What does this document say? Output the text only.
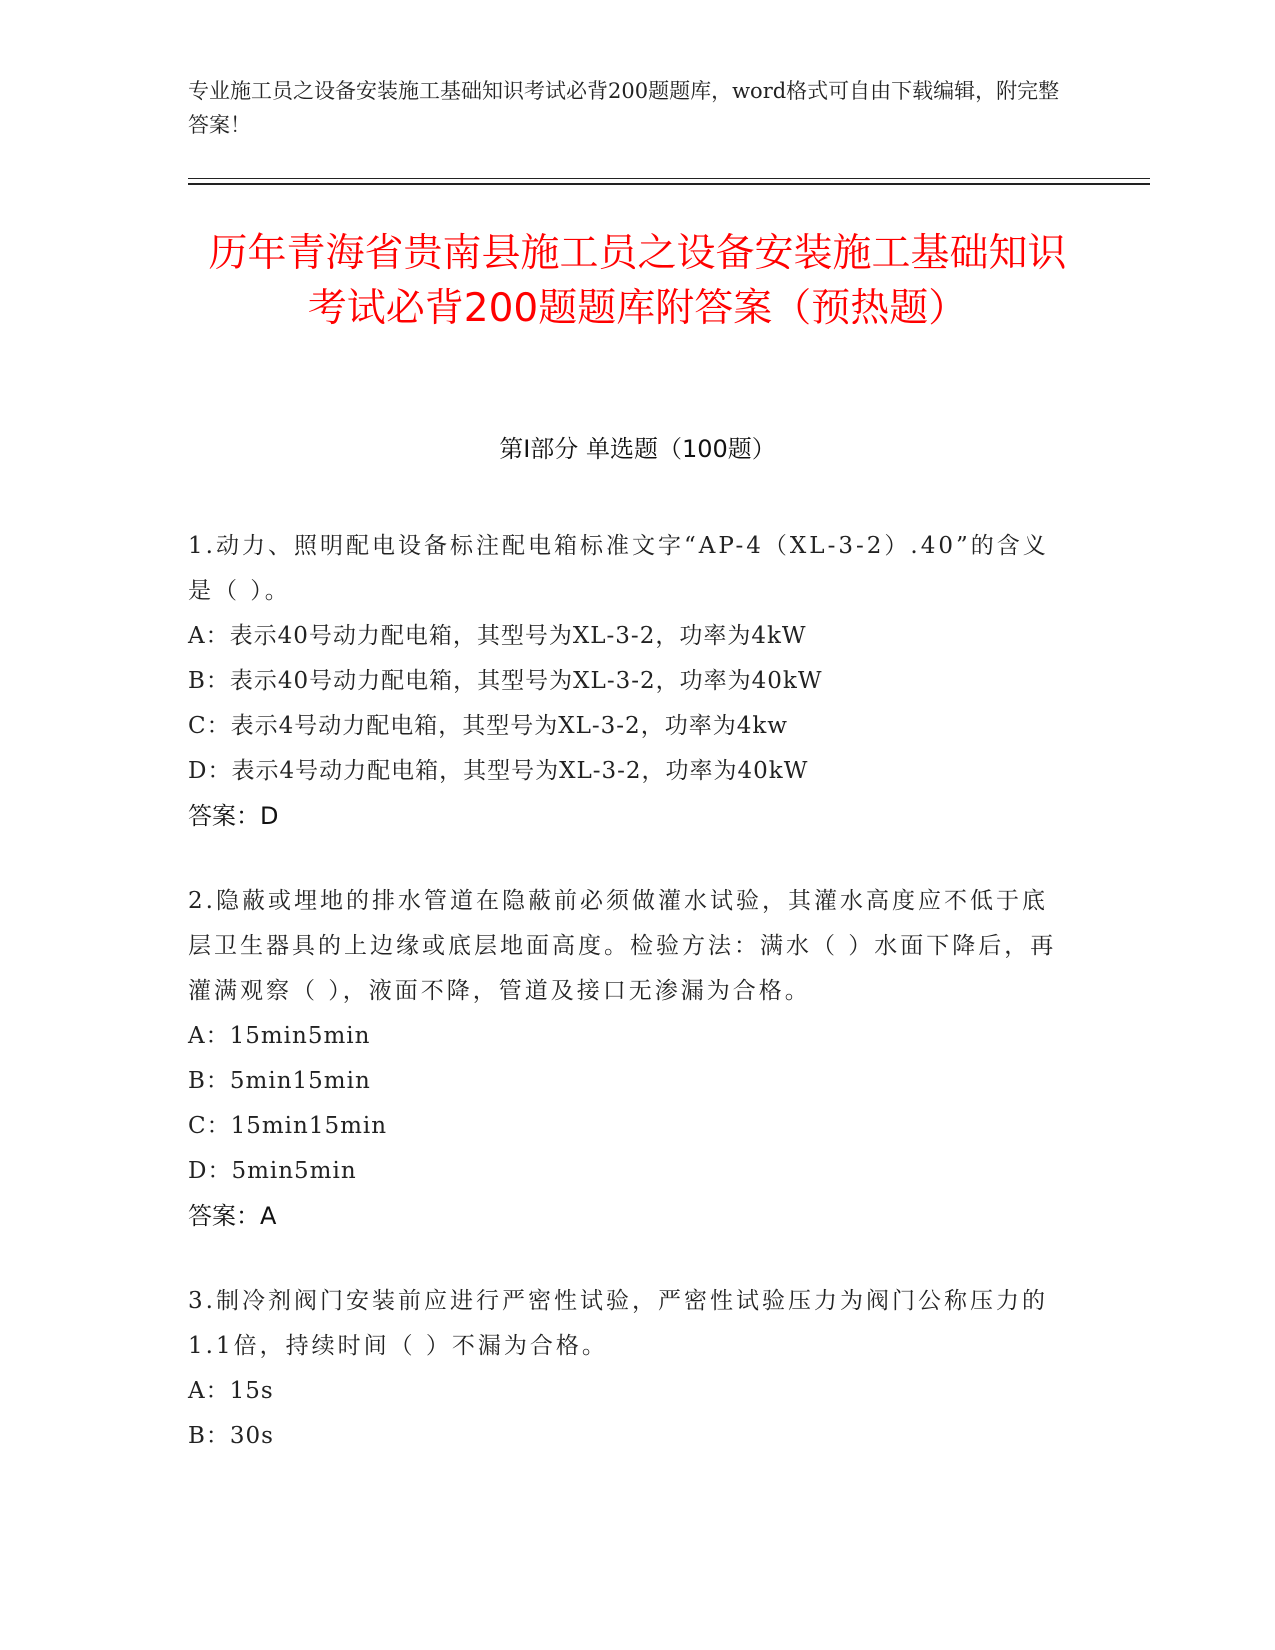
专业施工员之设备安装施工基础知识考试必背200题题库，word格式可自由下载编辑，附完整答案！
历年青海省贵南县施工员之设备安装施工基础知识考试必背200题题库附答案（预热题）
第I部分 单选题（100题）
1.动力、照明配电设备标注配电箱标准文字“AP-4（XL-3-2）.40”的含义是（ ）。
A：表示40号动力配电箱，其型号为XL-3-2，功率为4kW
B：表示40号动力配电箱，其型号为XL-3-2，功率为40kW
C：表示4号动力配电箱，其型号为XL-3-2，功率为4kw
D：表示4号动力配电箱，其型号为XL-3-2，功率为40kW
答案：D
2.隐蔽或埋地的排水管道在隐蔽前必须做灌水试验，其灌水高度应不低于底层卫生器具的上边缘或底层地面高度。检验方法：满水（ ）水面下降后，再灌满观察（ ），液面不降，管道及接口无渗漏为合格。
A：15min5min
B：5min15min
C：15min15min
D：5min5min
答案：A
3.制冷剂阀门安装前应进行严密性试验，严密性试验压力为阀门公称压力的1.1倍，持续时间（ ）不漏为合格。
A：15s
B：30s
